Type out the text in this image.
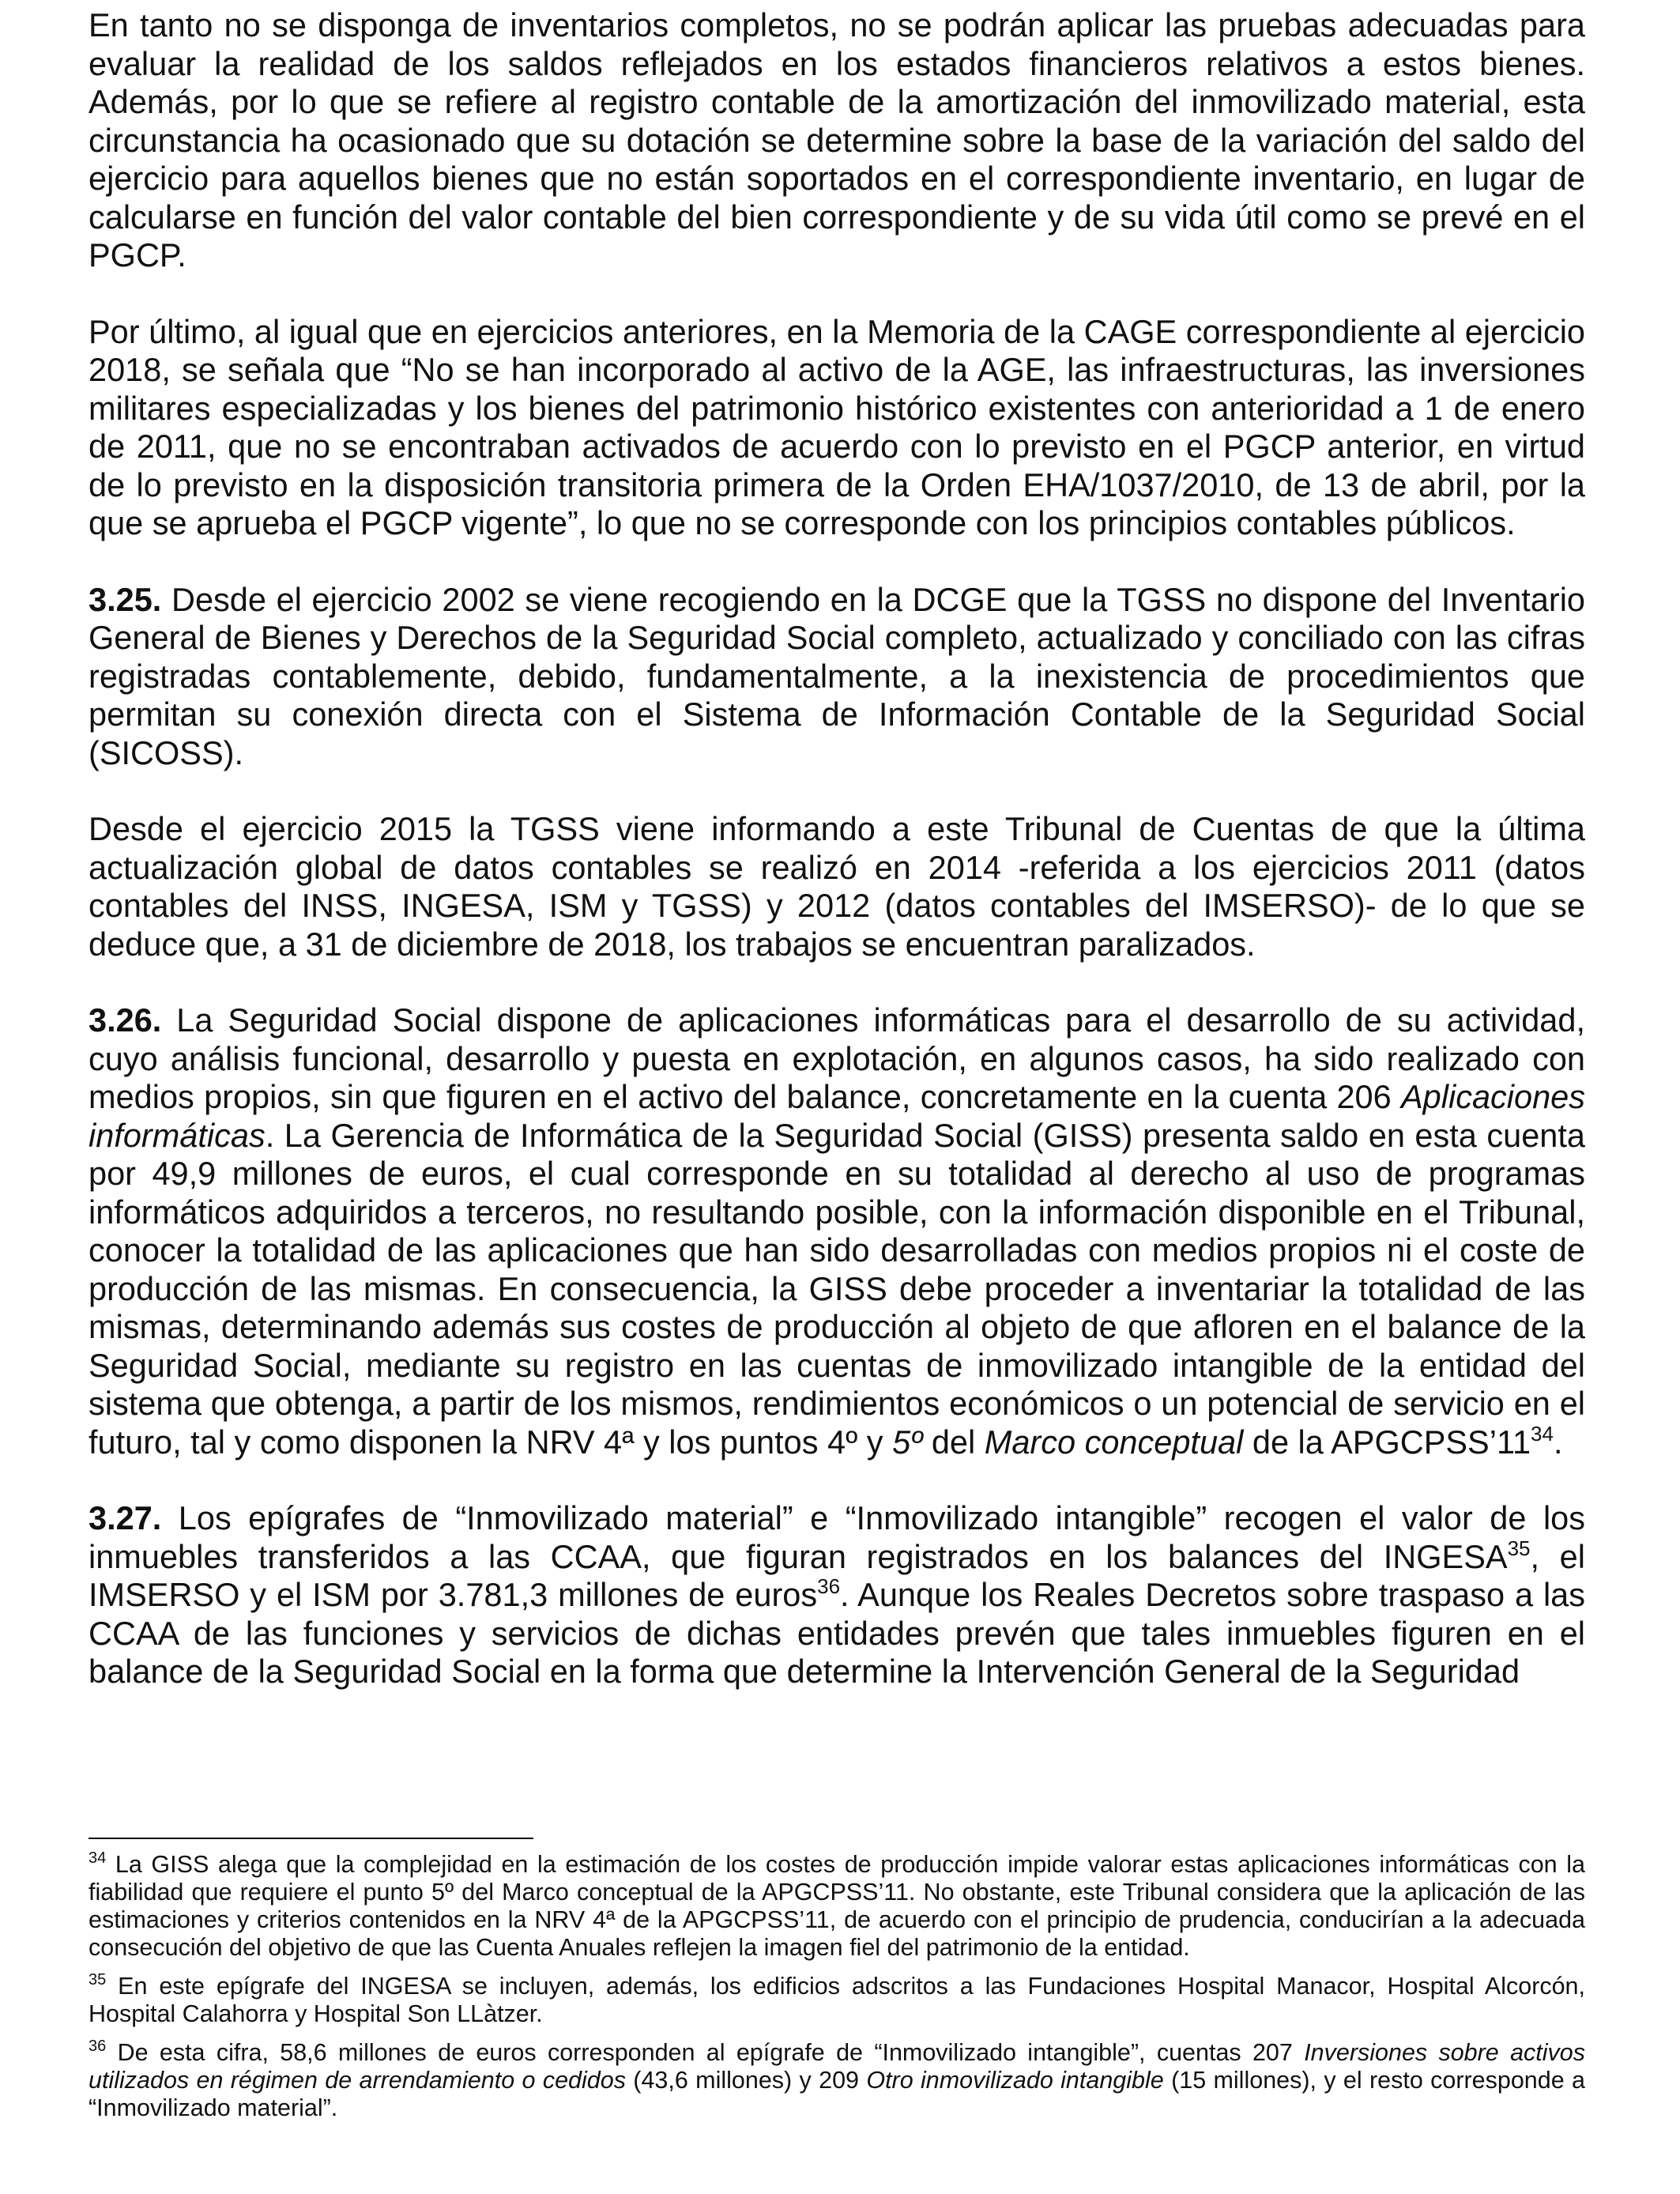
En tanto no se disponga de inventarios completos, no se podrán aplicar las pruebas adecuadas para evaluar la realidad de los saldos reflejados en los estados financieros relativos a estos bienes. Además, por lo que se refiere al registro contable de la amortización del inmovilizado material, esta circunstancia ha ocasionado que su dotación se determine sobre la base de la variación del saldo del ejercicio para aquellos bienes que no están soportados en el correspondiente inventario, en lugar de calcularse en función del valor contable del bien correspondiente y de su vida útil como se prevé en el PGCP.

Por último, al igual que en ejercicios anteriores, en la Memoria de la CAGE correspondiente al ejercicio 2018, se señala que “No se han incorporado al activo de la AGE, las infraestructuras, las inversiones militares especializadas y los bienes del patrimonio histórico existentes con anterioridad a 1 de enero de 2011, que no se encontraban activados de acuerdo con lo previsto en el PGCP anterior, en virtud de lo previsto en la disposición transitoria primera de la Orden EHA/1037/2010, de 13 de abril, por la que se aprueba el PGCP vigente”, lo que no se corresponde con los principios contables públicos.

3.25. Desde el ejercicio 2002 se viene recogiendo en la DCGE que la TGSS no dispone del Inventario General de Bienes y Derechos de la Seguridad Social completo, actualizado y conciliado con las cifras registradas contablemente, debido, fundamentalmente, a la inexistencia de procedimientos que permitan su conexión directa con el Sistema de Información Contable de la Seguridad Social (SICOSS).

Desde el ejercicio 2015 la TGSS viene informando a este Tribunal de Cuentas de que la última actualización global de datos contables se realizó en 2014 -referida a los ejercicios 2011 (datos contables del INSS, INGESA, ISM y TGSS) y 2012 (datos contables del IMSERSO)- de lo que se deduce que, a 31 de diciembre de 2018, los trabajos se encuentran paralizados.

3.26. La Seguridad Social dispone de aplicaciones informáticas para el desarrollo de su actividad, cuyo análisis funcional, desarrollo y puesta en explotación, en algunos casos, ha sido realizado con medios propios, sin que figuren en el activo del balance, concretamente en la cuenta 206 Aplicaciones informáticas. La Gerencia de Informática de la Seguridad Social (GISS) presenta saldo en esta cuenta por 49,9 millones de euros, el cual corresponde en su totalidad al derecho al uso de programas informáticos adquiridos a terceros, no resultando posible, con la información disponible en el Tribunal, conocer la totalidad de las aplicaciones que han sido desarrolladas con medios propios ni el coste de producción de las mismas. En consecuencia, la GISS debe proceder a inventariar la totalidad de las mismas, determinando además sus costes de producción al objeto de que afloren en el balance de la Seguridad Social, mediante su registro en las cuentas de inmovilizado intangible de la entidad del sistema que obtenga, a partir de los mismos, rendimientos económicos o un potencial de servicio en el futuro, tal y como disponen la NRV 4ª y los puntos 4º y 5º del Marco conceptual de la $APGCPSS’11^{34}$.

3.27. Los epígrafes de “Inmovilizado material” e “Inmovilizado intangible” recogen el valor de los inmuebles transferidos a las CCAA, que figuran registrados en los balances del INGESA$^{35}$, el IMSERSO y el ISM por 3.781,3 millones de euros$^{36}$. Aunque los Reales Decretos sobre traspaso a las CCAA de las funciones y servicios de dichas entidades prevén que tales inmuebles figuren en el balance de la Seguridad Social en la forma que determine la Intervención General de la Seguridad

$^{34}$ La GISS alega que la complejidad en la estimación de los costes de producción impide valorar estas aplicaciones informáticas con la fiabilidad que requiere el punto 5º del Marco conceptual de la APGCPSS’11. No obstante, este Tribunal considera que la aplicación de las estimaciones y criterios contenidos en la NRV 4ª de la APGCPSS’11, de acuerdo con el principio de prudencia, conducirían a la adecuada consecución del objetivo de que las Cuenta Anuales reflejen la imagen fiel del patrimonio de la entidad.

$^{35}$ En este epígrafe del INGESA se incluyen, además, los edificios adscritos a las Fundaciones Hospital Manacor, Hospital Alcorcón, Hospital Calahorra y Hospital Son LLàtzer.

$^{36}$ De esta cifra, 58,6 millones de euros corresponden al epígrafe de “Inmovilizado intangible”, cuentas 207 Inversiones sobre activos utilizados en régimen de arrendamiento o cedidos (43,6 millones) y 209 Otro inmovilizado intangible (15 millones), y el resto corresponde a “Inmovilizado material”.
